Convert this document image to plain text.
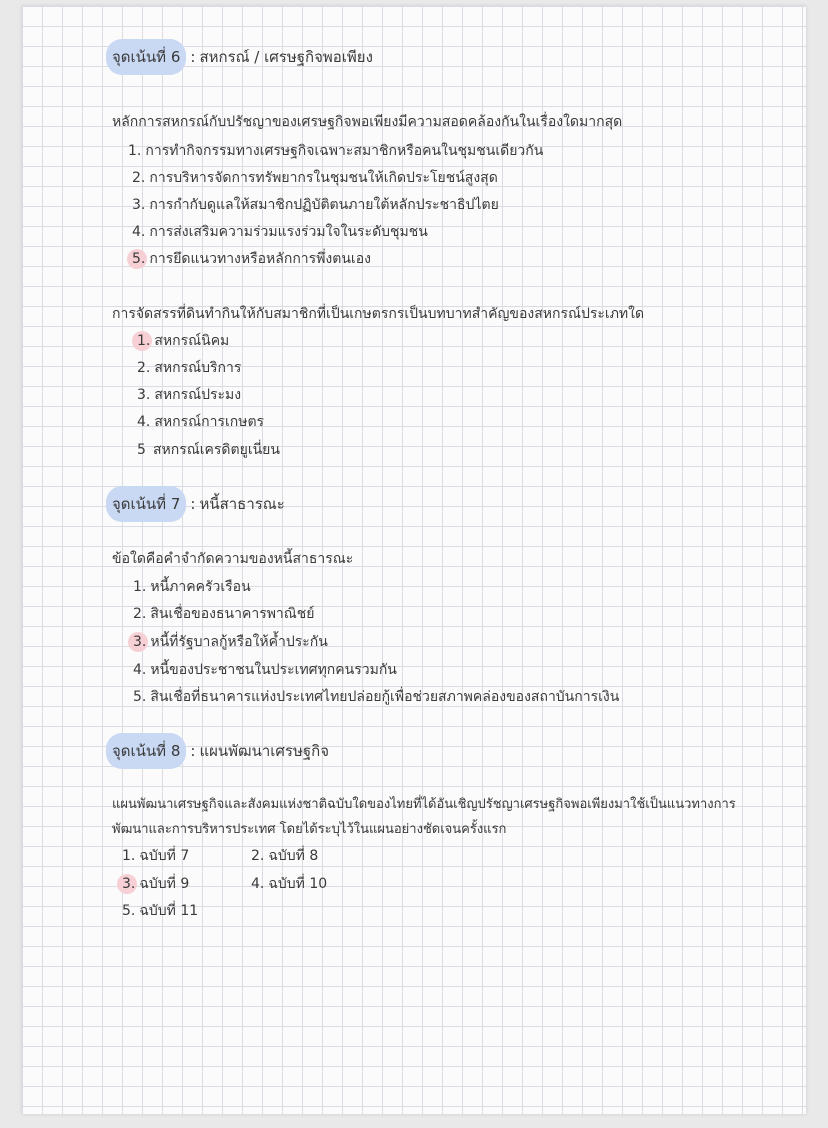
จุดเน้นที่ 6 : สหกรณ์ / เศรษฐกิจพอเพียง
หลักการสหกรณ์กับปรัชญาของเศรษฐกิจพอเพียงมีความสอดคล้องกันในเรื่องใดมากสุด
1. การทำกิจกรรมทางเศรษฐกิจเฉพาะสมาชิกหรือคนในชุมชนเดียวกัน
2. การบริหารจัดการทรัพยากรในชุมชนให้เกิดประโยชน์สูงสุด
3. การกำกับดูแลให้สมาชิกปฏิบัติตนภายใต้หลักประชาธิปไตย
4. การส่งเสริมความร่วมแรงร่วมใจในระดับชุมชน
5. การยึดแนวทางหรือหลักการพึ่งตนเอง
การจัดสรรที่ดินทำกินให้กับสมาชิกที่เป็นเกษตรกรเป็นบทบาทสำคัญของสหกรณ์ประเภทใด
1. สหกรณ์นิคม
2. สหกรณ์บริการ
3. สหกรณ์ประมง
4. สหกรณ์การเกษตร
5 สหกรณ์เครดิตยูเนี่ยน
จุดเน้นที่ 7 : หนี้สาธารณะ
ข้อใดคือคำจำกัดความของหนี้สาธารณะ
1. หนี้ภาคครัวเรือน
2. สินเชื่อของธนาคารพาณิชย์
3. หนี้ที่รัฐบาลกู้หรือให้ค้ำประกัน
4. หนี้ของประชาชนในประเทศทุกคนรวมกัน
5. สินเชื่อที่ธนาคารแห่งประเทศไทยปล่อยกู้เพื่อช่วยสภาพคล่องของสถาบันการเงิน
จุดเน้นที่ 8 : แผนพัฒนาเศรษฐกิจ
แผนพัฒนาเศรษฐกิจและสังคมแห่งชาติฉบับใดของไทยที่ได้อันเชิญปรัชญาเศรษฐกิจพอเพียงมาใช้เป็นแนวทางการ
พัฒนาและการบริหารประเทศ โดยได้ระบุไว้ในแผนอย่างชัดเจนครั้งแรก
1. ฉบับที่ 7	2. ฉบับที่ 8
3. ฉบับที่ 9	4. ฉบับที่ 10
5. ฉบับที่ 11
